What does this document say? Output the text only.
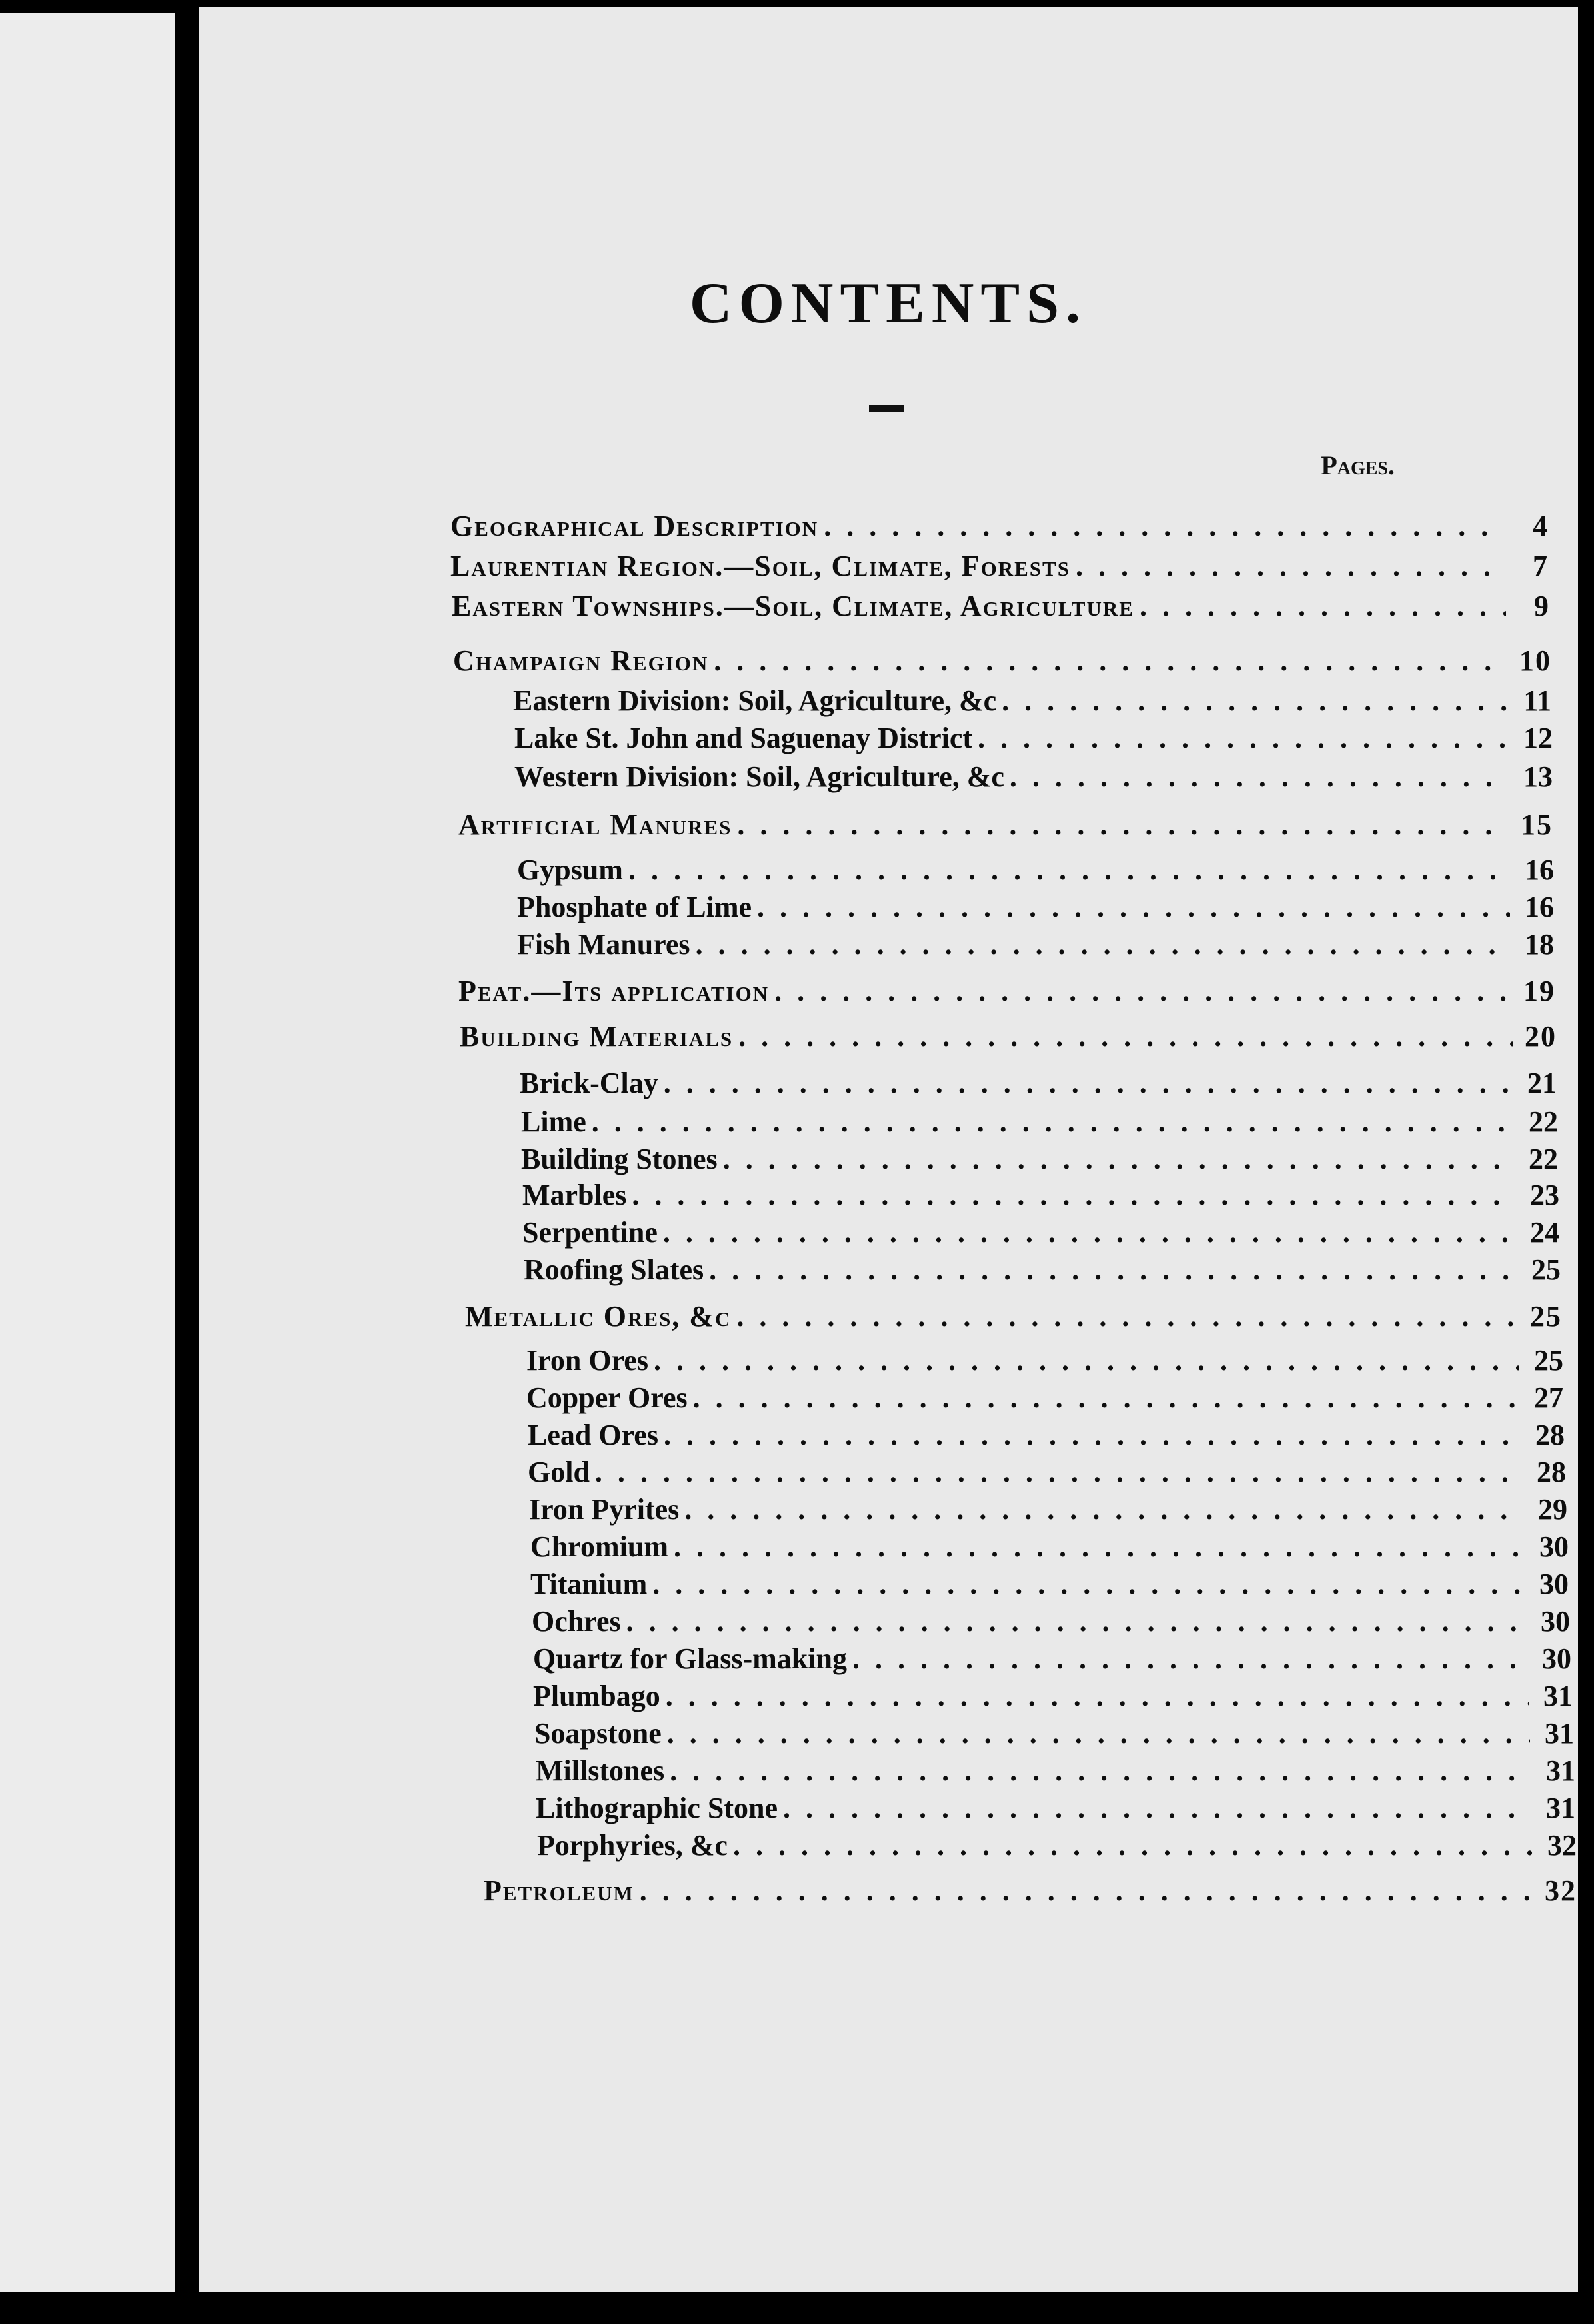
CONTENTS.
Pages.
Geographical Description . . .	4
Laurentian Region.—Soil, Climate, Forests . . .	7
Eastern Townships.—Soil, Climate, Agriculture . . .	9
Champaign Region . . .	10
Eastern Division: Soil, Agriculture, &c . . .	11
Lake St. John and Saguenay District . . .	12
Western Division: Soil, Agriculture, &c . . .	13
Artificial Manures . . .	15
Gypsum . . .	16
Phosphate of Lime . . .	16
Fish Manures . . .	18
Peat.—Its application . . .	19
Building Materials . . .	20
Brick-Clay . . .	21
Lime . . .	22
Building Stones . . .	22
Marbles . . .	23
Serpentine . . .	24
Roofing Slates . . .	25
Metallic Ores, &c . . .	25
Iron Ores . . .	25
Copper Ores . . .	27
Lead Ores . . .	28
Gold . . .	28
Iron Pyrites . . .	29
Chromium . . .	30
Titanium . . .	30
Ochres . . .	30
Quartz for Glass-making . . .	30
Plumbago . . .	31
Soapstone . . .	31
Millstones . . .	31
Lithographic Stone . . .	31
Porphyries, &c . . .	32
Petroleum . . .	32
